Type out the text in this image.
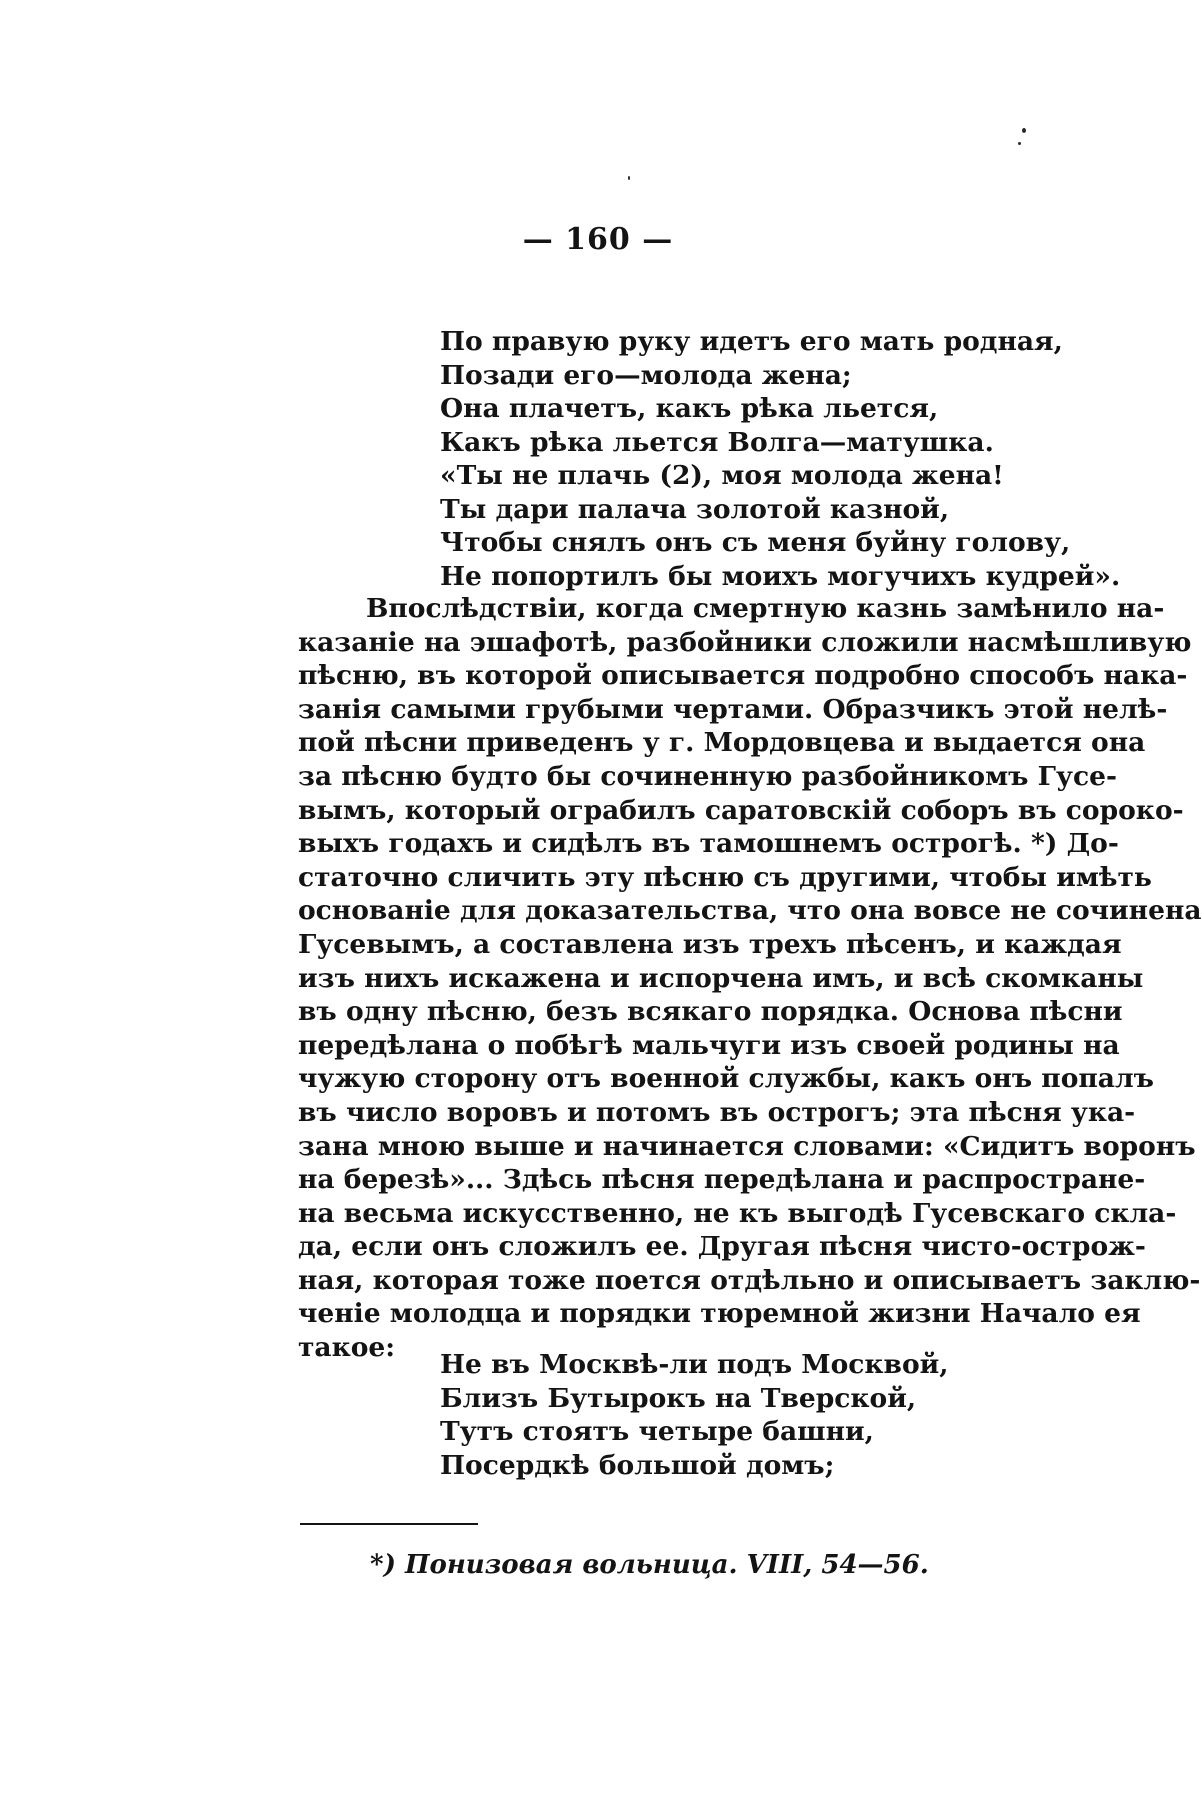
— 160 —
По правую руку идетъ его мать родная,
Позади его—молода жена;
Она плачетъ, какъ рѣка льется,
Какъ рѣка льется Волга—матушка.
«Ты не плачь (2), моя молода жена!
Ты дари палача золотой казной,
Чтобы снялъ онъ съ меня буйну голову,
Не попортилъ бы моихъ могучихъ кудрей».
Впослѣдствіи, когда смертную казнь замѣнило на-
казаніе на эшафотѣ, разбойники сложили насмѣшливую
пѣсню, въ которой описывается подробно способъ нака-
занія самыми грубыми чертами. Образчикъ этой нелѣ-
пой пѣсни приведенъ у г. Мордовцева и выдается она
за пѣсню будто бы сочиненную разбойникомъ Гусе-
вымъ, который ограбилъ саратовскій соборъ въ сороко-
выхъ годахъ и сидѣлъ въ тамошнемъ острогѣ. *) До-
статочно сличить эту пѣсню съ другими, чтобы имѣть
основаніе для доказательства, что она вовсе не сочинена
Гусевымъ, а составлена изъ трехъ пѣсенъ, и каждая
изъ нихъ искажена и испорчена имъ, и всѣ скомканы
въ одну пѣсню, безъ всякаго порядка. Основа пѣсни
передѣлана о побѣгѣ мальчуги изъ своей родины на
чужую сторону отъ военной службы, какъ онъ попалъ
въ число воровъ и потомъ въ острогъ; эта пѣсня ука-
зана мною выше и начинается словами: «Сидитъ воронъ
на березѣ»... Здѣсь пѣсня передѣлана и распростране-
на весьма искусственно, не къ выгодѣ Гусевскаго скла-
да, если онъ сложилъ ее. Другая пѣсня чисто-острож-
ная, которая тоже поется отдѣльно и описываетъ заклю-
ченіе молодца и порядки тюремной жизни Начало ея
такое:
Не въ Москвѣ-ли подъ Москвой,
Близъ Бутырокъ на Тверской,
Тутъ стоятъ четыре башни,
Посердкѣ большой домъ;
*) Понизовая вольница. VIII, 54—56.
